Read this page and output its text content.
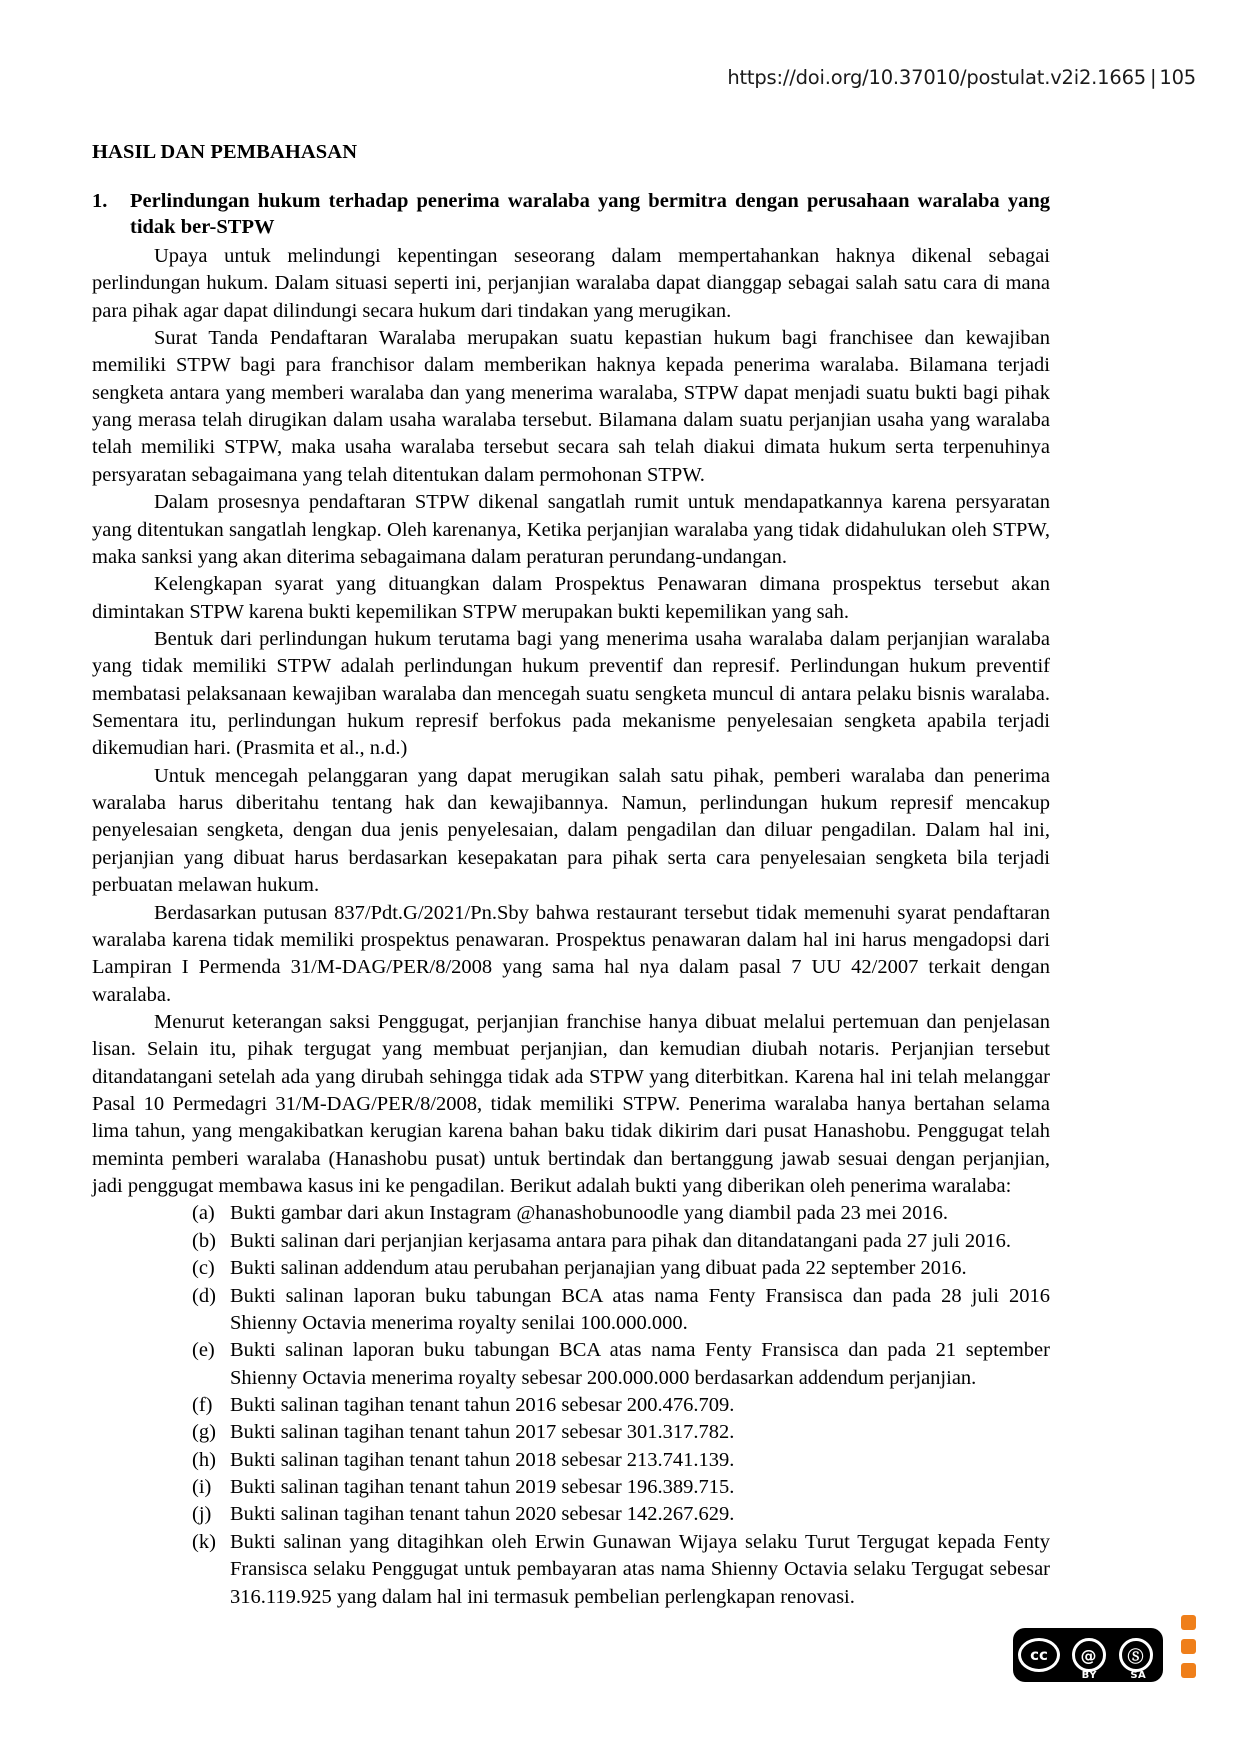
https://doi.org/10.37010/postulat.v2i2.1665 | 105
HASIL DAN PEMBAHASAN
1.	Perlindungan hukum terhadap penerima waralaba yang bermitra dengan perusahaan waralaba yang tidak ber-STPW

Upaya untuk melindungi kepentingan seseorang dalam mempertahankan haknya dikenal sebagai perlindungan hukum. Dalam situasi seperti ini, perjanjian waralaba dapat dianggap sebagai salah satu cara di mana para pihak agar dapat dilindungi secara hukum dari tindakan yang merugikan.

Surat Tanda Pendaftaran Waralaba merupakan suatu kepastian hukum bagi franchisee dan kewajiban memiliki STPW bagi para franchisor dalam memberikan haknya kepada penerima waralaba. Bilamana terjadi sengketa antara yang memberi waralaba dan yang menerima waralaba, STPW dapat menjadi suatu bukti bagi pihak yang merasa telah dirugikan dalam usaha waralaba tersebut. Bilamana dalam suatu perjanjian usaha yang waralaba telah memiliki STPW, maka usaha waralaba tersebut secara sah telah diakui dimata hukum serta terpenuhinya persyaratan sebagaimana yang telah ditentukan dalam permohonan STPW.

Dalam prosesnya pendaftaran STPW dikenal sangatlah rumit untuk mendapatkannya karena persyaratan yang ditentukan sangatlah lengkap. Oleh karenanya, Ketika perjanjian waralaba yang tidak didahulukan oleh STPW, maka sanksi yang akan diterima sebagaimana dalam peraturan perundang-undangan.

Kelengkapan syarat yang dituangkan dalam Prospektus Penawaran dimana prospektus tersebut akan dimintakan STPW karena bukti kepemilikan STPW merupakan bukti kepemilikan yang sah.

Bentuk dari perlindungan hukum terutama bagi yang menerima usaha waralaba dalam perjanjian waralaba yang tidak memiliki STPW adalah perlindungan hukum preventif dan represif. Perlindungan hukum preventif membatasi pelaksanaan kewajiban waralaba dan mencegah suatu sengketa muncul di antara pelaku bisnis waralaba. Sementara itu, perlindungan hukum represif berfokus pada mekanisme penyelesaian sengketa apabila terjadi dikemudian hari. (Prasmita et al., n.d.)

Untuk mencegah pelanggaran yang dapat merugikan salah satu pihak, pemberi waralaba dan penerima waralaba harus diberitahu tentang hak dan kewajibannya. Namun, perlindungan hukum represif mencakup penyelesaian sengketa, dengan dua jenis penyelesaian, dalam pengadilan dan diluar pengadilan. Dalam hal ini, perjanjian yang dibuat harus berdasarkan kesepakatan para pihak serta cara penyelesaian sengketa bila terjadi perbuatan melawan hukum.

Berdasarkan putusan 837/Pdt.G/2021/Pn.Sby bahwa restaurant tersebut tidak memenuhi syarat pendaftaran waralaba karena tidak memiliki prospektus penawaran. Prospektus penawaran dalam hal ini harus mengadopsi dari Lampiran I Permenda 31/M-DAG/PER/8/2008 yang sama hal nya dalam pasal 7 UU 42/2007 terkait dengan waralaba.

Menurut keterangan saksi Penggugat, perjanjian franchise hanya dibuat melalui pertemuan dan penjelasan lisan. Selain itu, pihak tergugat yang membuat perjanjian, dan kemudian diubah notaris. Perjanjian tersebut ditandatangani setelah ada yang dirubah sehingga tidak ada STPW yang diterbitkan. Karena hal ini telah melanggar Pasal 10 Permedagri 31/M-DAG/PER/8/2008, tidak memiliki STPW. Penerima waralaba hanya bertahan selama lima tahun, yang mengakibatkan kerugian karena bahan baku tidak dikirim dari pusat Hanashobu. Penggugat telah meminta pemberi waralaba (Hanashobu pusat) untuk bertindak dan bertanggung jawab sesuai dengan perjanjian, jadi penggugat membawa kasus ini ke pengadilan. Berikut adalah bukti yang diberikan oleh penerima waralaba:

(a) Bukti gambar dari akun Instagram @hanashobunoodle yang diambil pada 23 mei 2016.
(b) Bukti salinan dari perjanjian kerjasama antara para pihak dan ditandatangani pada 27 juli 2016.
(c) Bukti salinan addendum atau perubahan perjanajian yang dibuat pada 22 september 2016.
(d) Bukti salinan laporan buku tabungan BCA atas nama Fenty Fransisca dan pada 28 juli 2016 Shienny Octavia menerima royalty senilai 100.000.000.
(e) Bukti salinan laporan buku tabungan BCA atas nama Fenty Fransisca dan pada 21 september Shienny Octavia menerima royalty sebesar 200.000.000 berdasarkan addendum perjanjian.
(f) Bukti salinan tagihan tenant tahun 2016 sebesar 200.476.709.
(g) Bukti salinan tagihan tenant tahun 2017 sebesar 301.317.782.
(h) Bukti salinan tagihan tenant tahun 2018 sebesar 213.741.139.
(i) Bukti salinan tagihan tenant tahun 2019 sebesar 196.389.715.
(j) Bukti salinan tagihan tenant tahun 2020 sebesar 142.267.629.
(k) Bukti salinan yang ditagihkan oleh Erwin Gunawan Wijaya selaku Turut Tergugat kepada Fenty Fransisca selaku Penggugat untuk pembayaran atas nama Shienny Octavia selaku Tergugat sebesar 316.119.925 yang dalam hal ini termasuk pembelian perlengkapan renovasi.
cc	@	Ⓢ
BY	SA
